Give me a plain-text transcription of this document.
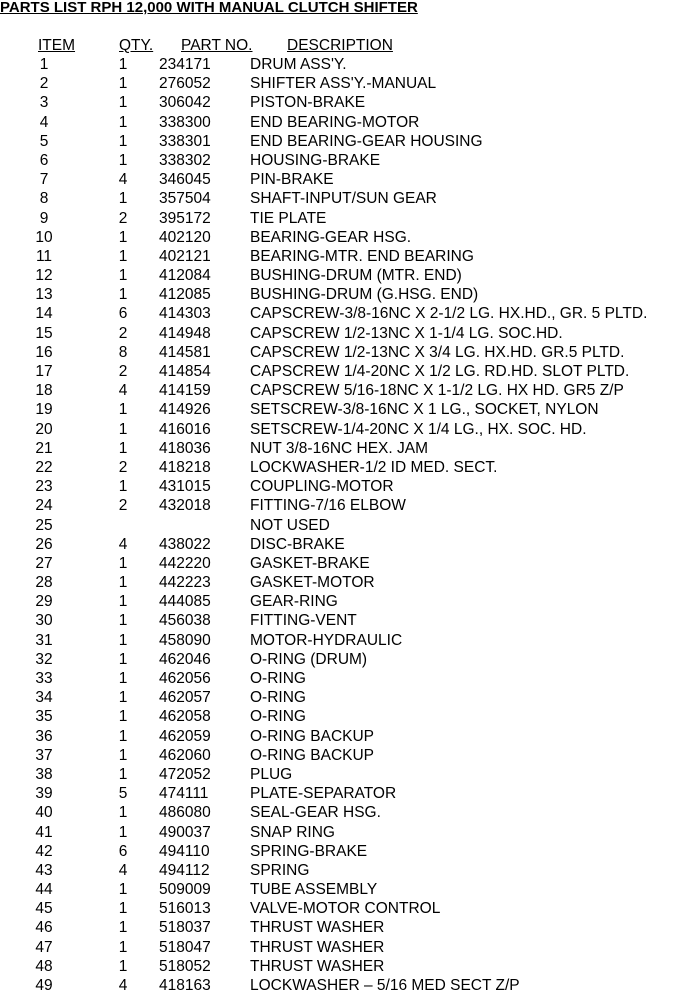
PARTS LIST RPH 12,000 WITH MANUAL CLUTCH SHIFTER
ITEM	QTY. PART NO. DESCRIPTION
1	1 234171	DRUM ASS'Y.
2	1 276052	SHIFTER ASS'Y.-MANUAL
3	1 306042	PISTON-BRAKE
4	1 338300	END BEARING-MOTOR
5	1 338301	END BEARING-GEAR HOUSING
6	1 338302	HOUSING-BRAKE
7	4 346045	PIN-BRAKE
8	1 357504	SHAFT-INPUT/SUN GEAR
9	2 395172	TIE PLATE
10	1 402120	BEARING-GEAR HSG.
11	1 402121	BEARING-MTR. END BEARING
12	1 412084	BUSHING-DRUM (MTR. END)
13	1 412085	BUSHING-DRUM (G.HSG. END)
14	6 414303	CAPSCREW-3/8-16NC X 2-1/2 LG. HX.HD., GR. 5 PLTD.
15	2 414948	CAPSCREW 1/2-13NC X 1-1/4 LG. SOC.HD.
16	8 414581	CAPSCREW 1/2-13NC X 3/4 LG. HX.HD. GR.5 PLTD.
17	2 414854	CAPSCREW 1/4-20NC X 1/2 LG. RD.HD. SLOT PLTD.
18	4 414159	CAPSCREW 5/16-18NC X 1-1/2 LG. HX HD. GR5 Z/P
19	1 414926	SETSCREW-3/8-16NC X 1 LG., SOCKET, NYLON
20	1 416016	SETSCREW-1/4-20NC X 1/4 LG., HX. SOC. HD.
21	1 418036	NUT 3/8-16NC HEX. JAM
22	2 418218	LOCKWASHER-1/2 ID MED. SECT.
23	1 431015	COUPLING-MOTOR
24	2 432018	FITTING-7/16 ELBOW
25	NOT USED
26	4 438022	DISC-BRAKE
27	1 442220	GASKET-BRAKE
28	1 442223	GASKET-MOTOR
29	1 444085	GEAR-RING
30	1 456038	FITTING-VENT
31	1 458090	MOTOR-HYDRAULIC
32	1 462046	O-RING (DRUM)
33	1 462056	O-RING
34	1 462057	O-RING
35	1 462058	O-RING
36	1 462059	O-RING BACKUP
37	1 462060	O-RING BACKUP
38	1 472052	PLUG
39	5 474111	PLATE-SEPARATOR
40	1 486080	SEAL-GEAR HSG.
41	1 490037	SNAP RING
42	6 494110	SPRING-BRAKE
43	4 494112	SPRING
44	1 509009	TUBE ASSEMBLY
45	1 516013	VALVE-MOTOR CONTROL
46	1 518037	THRUST WASHER
47	1 518047	THRUST WASHER
48	1 518052	THRUST WASHER
49	4 418163	LOCKWASHER – 5/16 MED SECT Z/P
